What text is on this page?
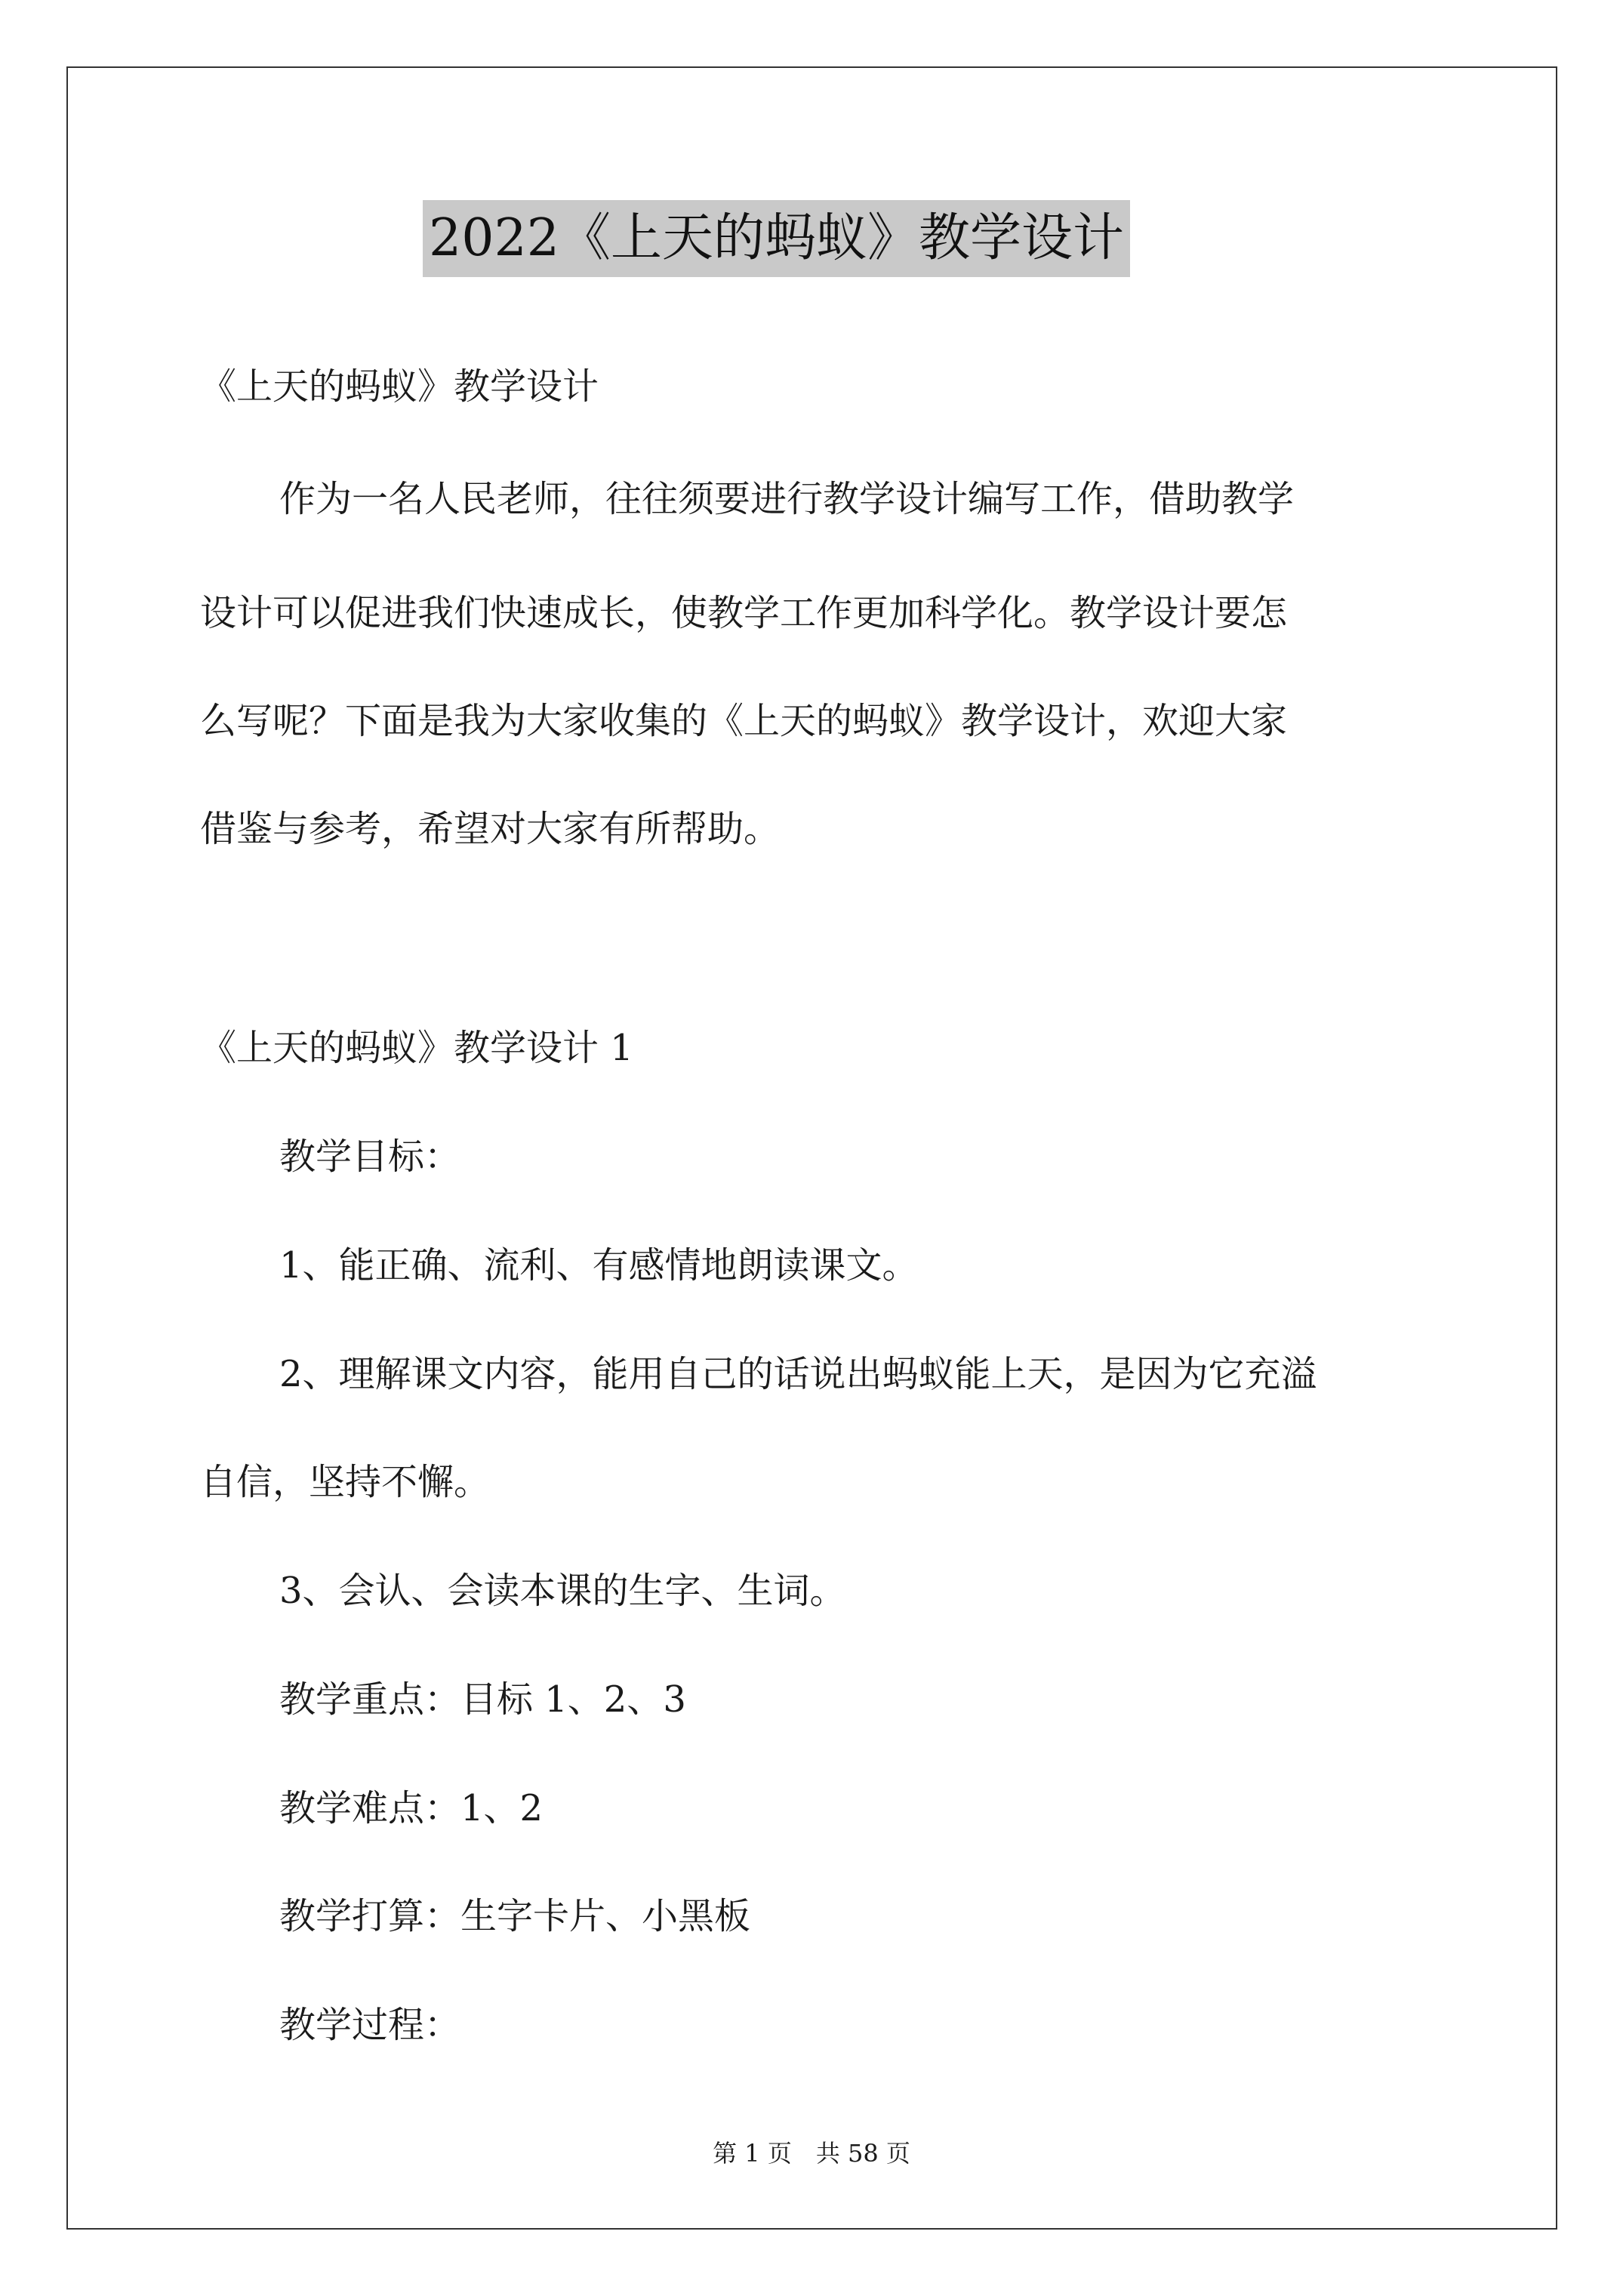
2022《上天的蚂蚁》教学设计
《上天的蚂蚁》教学设计
作为一名人民老师，往往须要进行教学设计编写工作，借助教学
设计可以促进我们快速成长，使教学工作更加科学化。教学设计要怎
么写呢？下面是我为大家收集的《上天的蚂蚁》教学设计，欢迎大家
借鉴与参考，希望对大家有所帮助。
《上天的蚂蚁》教学设计 1
教学目标：
1、能正确、流利、有感情地朗读课文。
2、理解课文内容，能用自己的话说出蚂蚁能上天，是因为它充溢
自信，坚持不懈。
3、会认、会读本课的生字、生词。
教学重点：目标 1、2、3
教学难点：1、2
教学打算：生字卡片、小黑板
教学过程：
第 1 页　共 58 页
